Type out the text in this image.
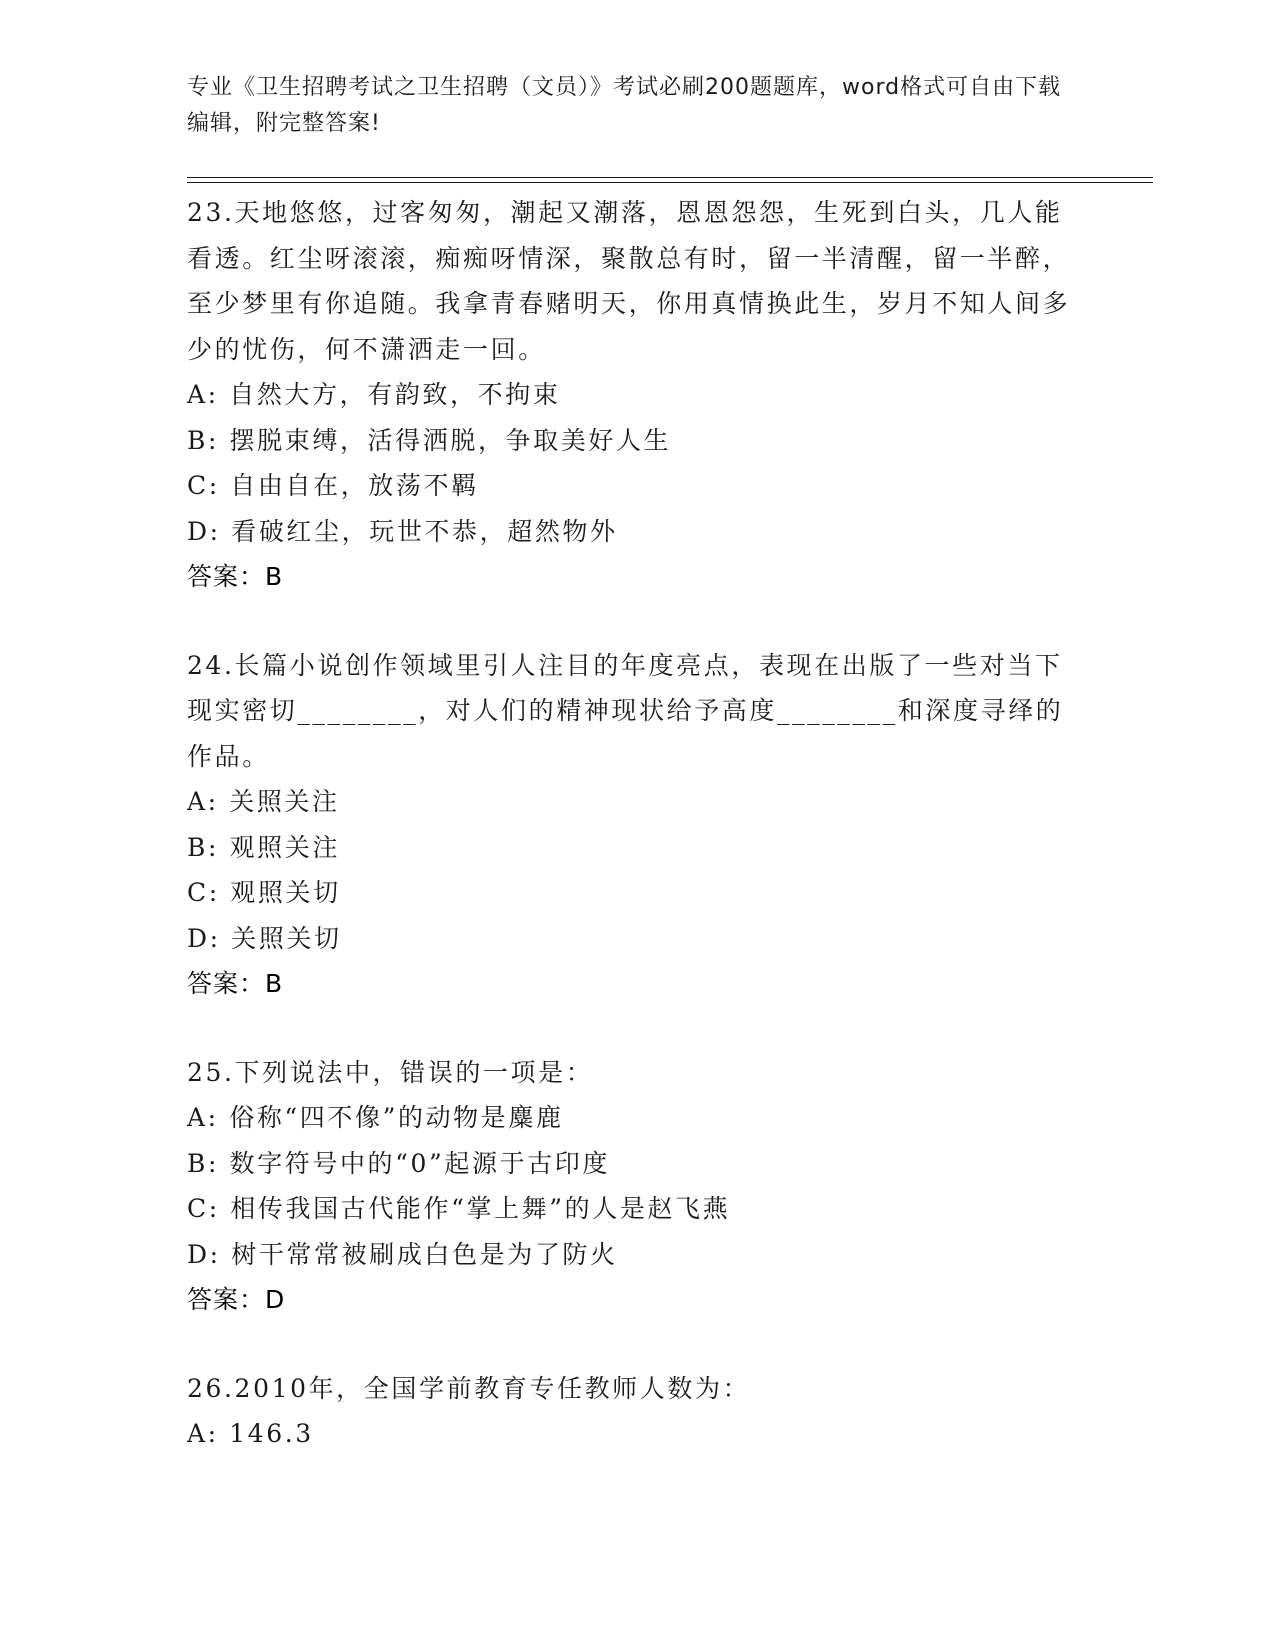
专业《卫生招聘考试之卫生招聘（文员）》考试必刷200题题库，word格式可自由下载编辑，附完整答案!
23.天地悠悠，过客匆匆，潮起又潮落，恩恩怨怨，生死到白头，几人能看透。红尘呀滚滚，痴痴呀情深，聚散总有时，留一半清醒，留一半醉，至少梦里有你追随。我拿青春赌明天，你用真情换此生，岁月不知人间多少的忧伤，何不潇洒走一回。
A: 自然大方，有韵致，不拘束
B: 摆脱束缚，活得洒脱，争取美好人生
C: 自由自在，放荡不羁
D: 看破红尘，玩世不恭，超然物外
答案：B
24.长篇小说创作领域里引人注目的年度亮点，表现在出版了一些对当下现实密切________，对人们的精神现状给予高度________和深度寻绎的作品。
A: 关照关注
B: 观照关注
C: 观照关切
D: 关照关切
答案：B
25.下列说法中，错误的一项是：
A: 俗称“四不像”的动物是麋鹿
B: 数字符号中的“0”起源于古印度
C: 相传我国古代能作“掌上舞”的人是赵飞燕
D: 树干常常被刷成白色是为了防火
答案：D
26.2010年，全国学前教育专任教师人数为：
A: 146.3
